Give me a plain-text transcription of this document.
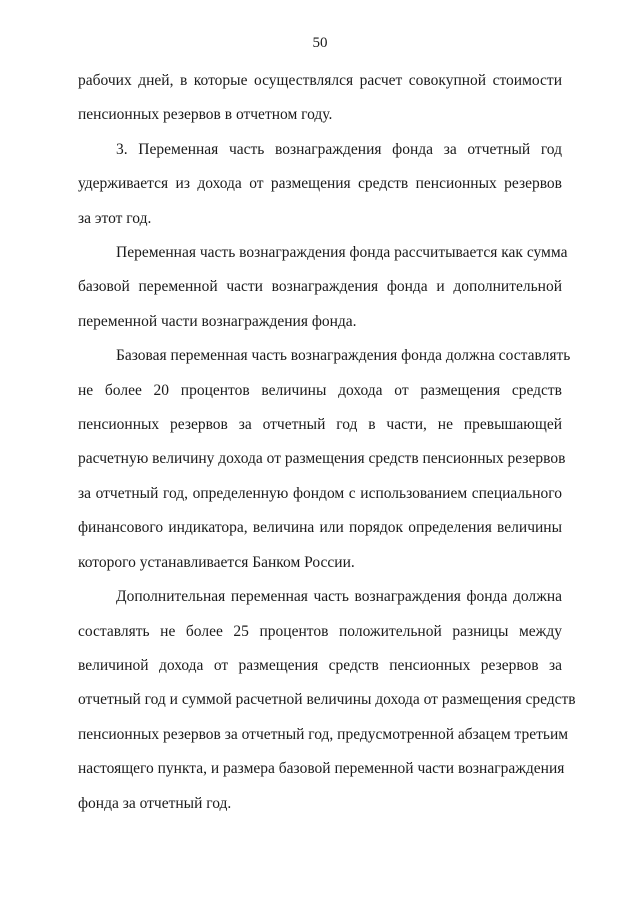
50

рабочих дней, в которые осуществлялся расчет совокупной стоимости
пенсионных резервов в отчетном году.

3. Переменная часть вознаграждения фонда за отчетный год
удерживается из дохода от размещения средств пенсионных резервов
за этот год.

Переменная часть вознаграждения фонда рассчитывается как сумма
базовой переменной части вознаграждения фонда и дополнительной
переменной части вознаграждения фонда.

Базовая переменная часть вознаграждения фонда должна составлять
не более 20 процентов величины дохода от размещения средств
пенсионных резервов за отчетный год в части, не превышающей
расчетную величину дохода от размещения средств пенсионных резервов
за отчетный год, определенную фондом с использованием специального
финансового индикатора, величина или порядок определения величины
которого устанавливается Банком России.

Дополнительная переменная часть вознаграждения фонда должна
составлять не более 25 процентов положительной разницы между
величиной дохода от размещения средств пенсионных резервов за
отчетный год и суммой расчетной величины дохода от размещения средств
пенсионных резервов за отчетный год, предусмотренной абзацем третьим
настоящего пункта, и размера базовой переменной части вознаграждения
фонда за отчетный год.
